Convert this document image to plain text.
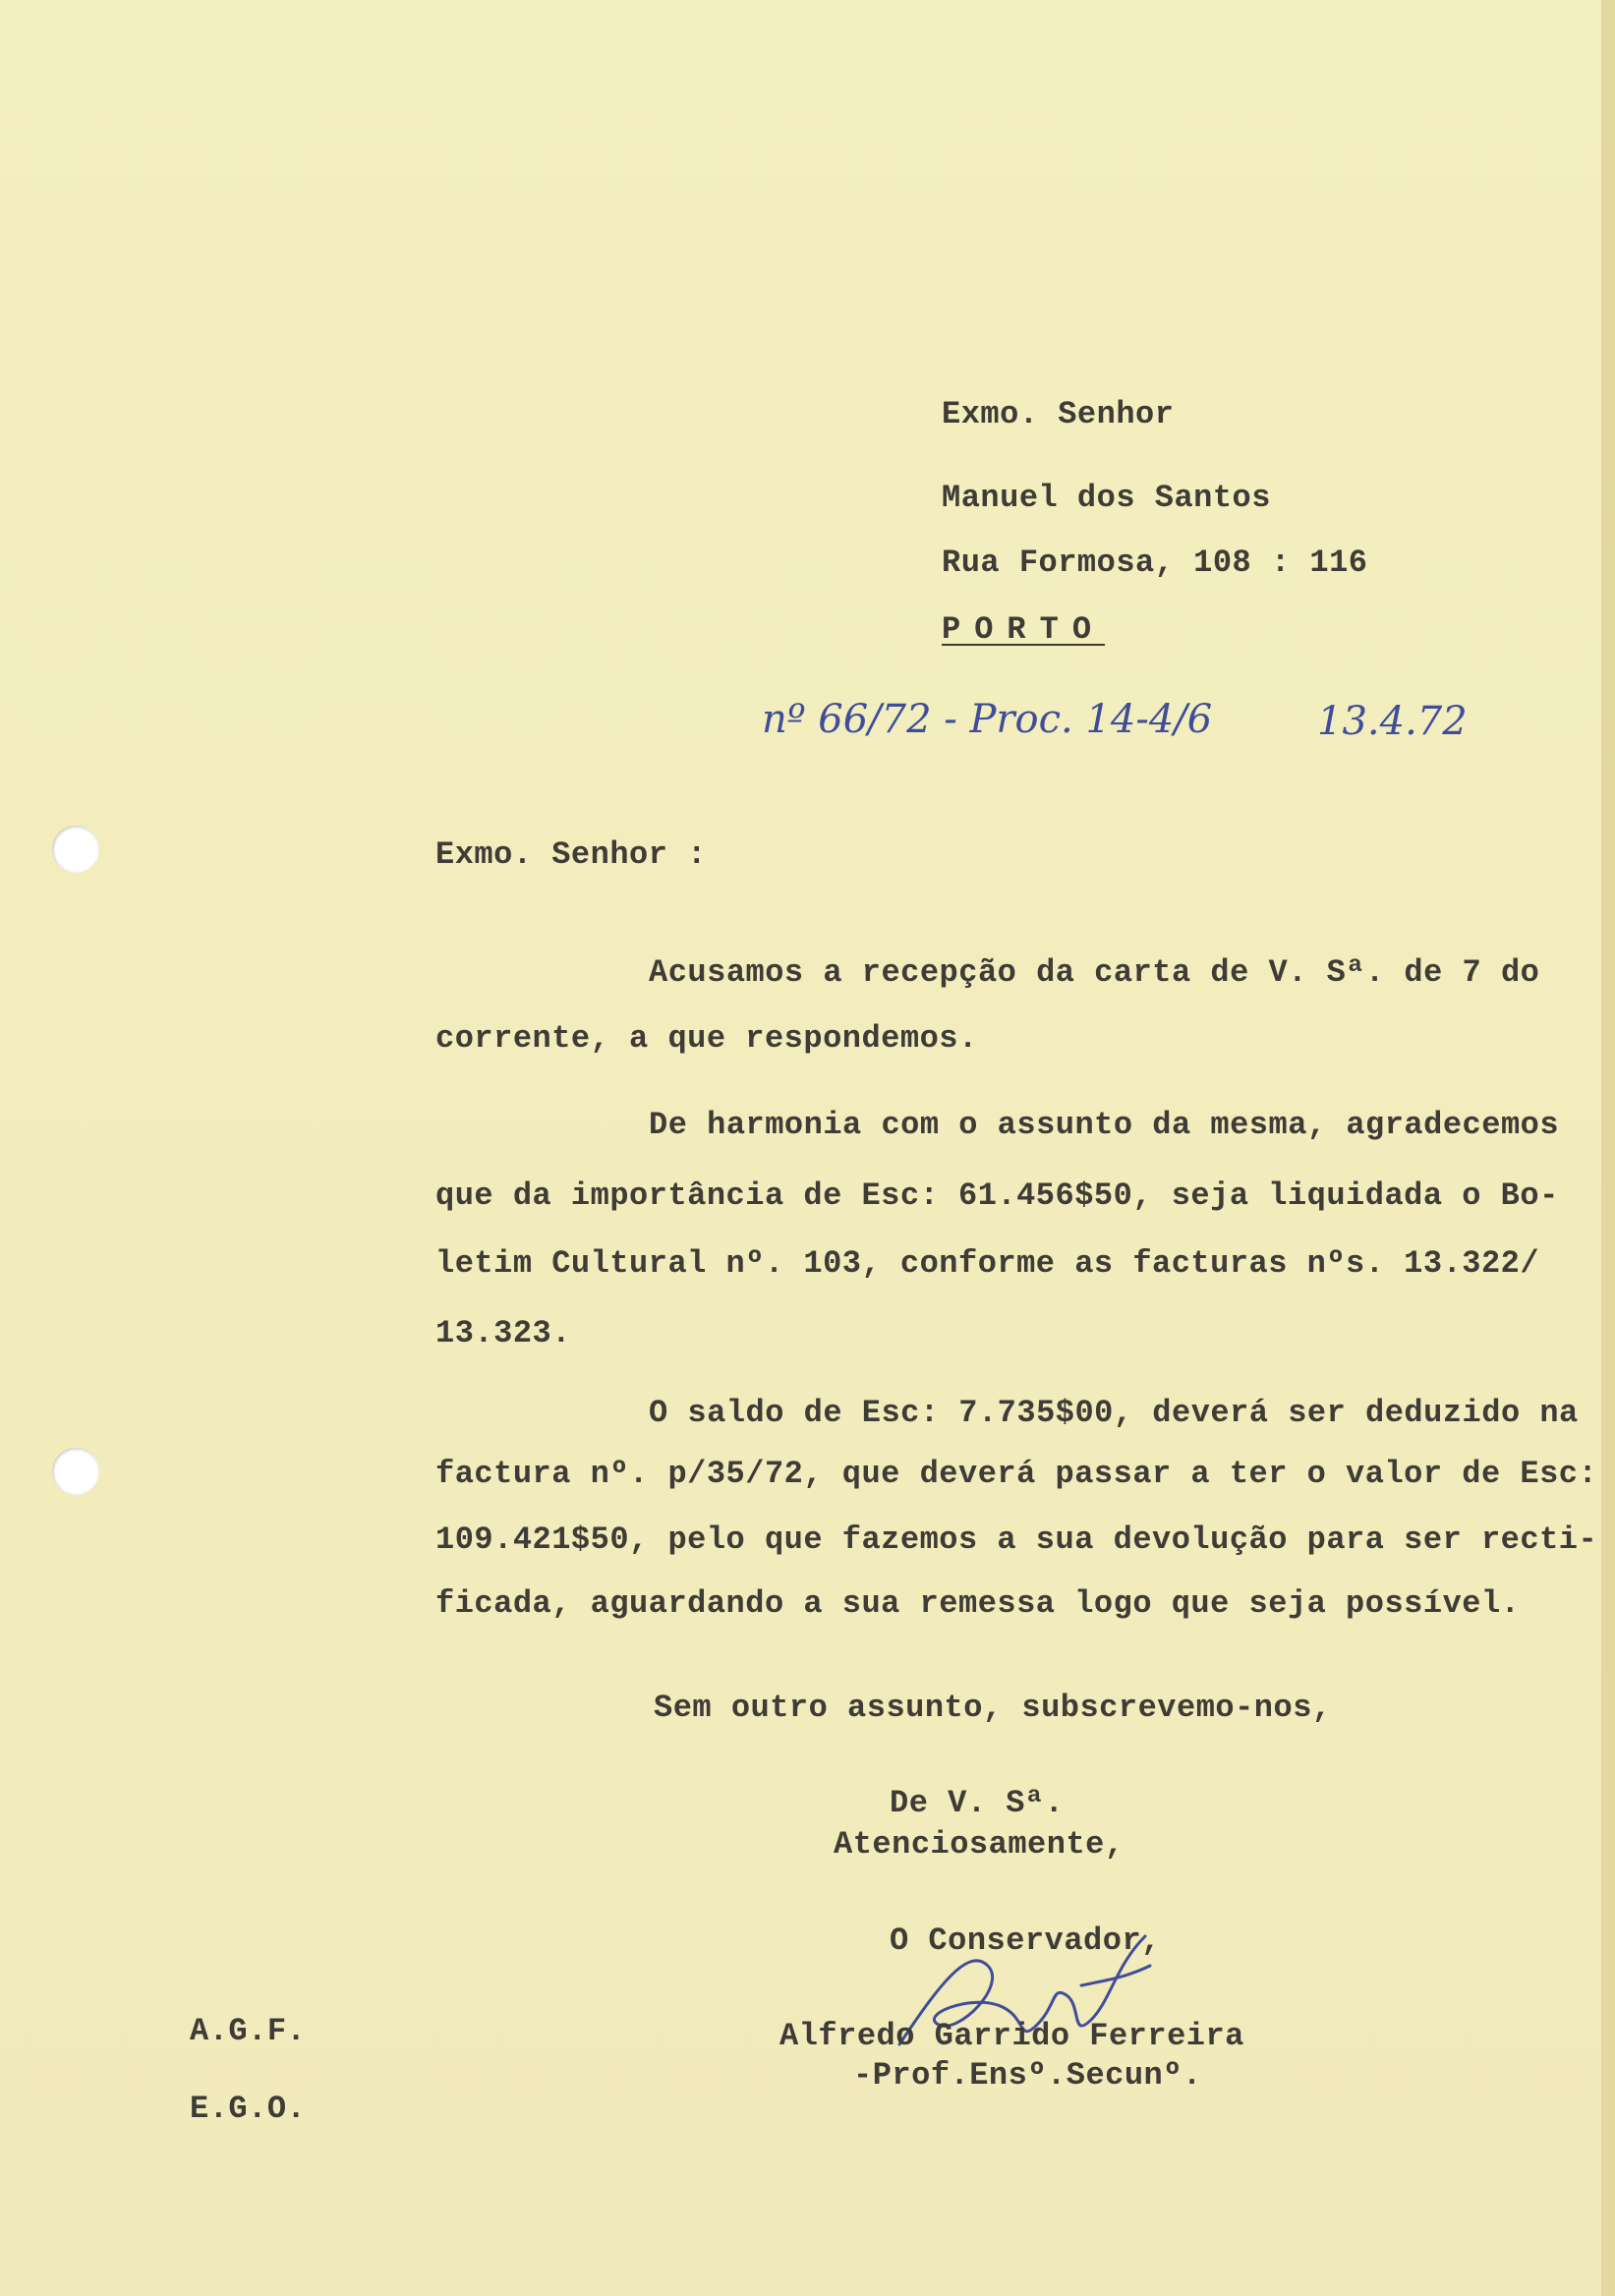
Exmo. Senhor
Manuel dos Santos
Rua Formosa, 108 : 116
PORTO
nº 66/72 - Proc. 14-4/6	13.4.72
Exmo. Senhor :
Acusamos a recepção da carta de V. Sª. de 7 do
corrente, a que respondemos.
De harmonia com o assunto da mesma, agradecemos
que da importância de Esc: 61.456$50, seja liquidada o Bo-
letim Cultural nº. 103, conforme as facturas nºs. 13.322/
13.323.
O saldo de Esc: 7.735$00, deverá ser deduzido na
factura nº. p/35/72, que deverá passar a ter o valor de Esc:
109.421$50, pelo que fazemos a sua devolução para ser recti-
ficada, aguardando a sua remessa logo que seja possível.
Sem outro assunto, subscrevemo-nos,
De V. Sª.
Atenciosamente,
O Conservador,
Alfredo Garrido Ferreira
-Prof.Ensº.Secunº.
A.G.F.
E.G.O.
